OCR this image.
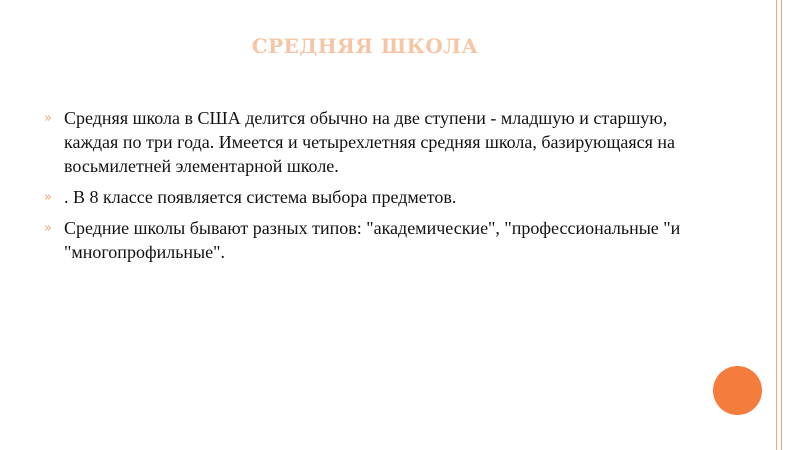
СРЕДНЯЯ ШКОЛА
» Средняя школа в США делится обычно на две ступени - младшую и старшую, каждая по три года. Имеется и четырехлетняя средняя школа, базирующаяся на восьмилетней элементарной школе.
» . В 8 классе появляется система выбора предметов.
» Средние школы бывают разных типов: "академические", "профессиональные "и "многопрофильные".
